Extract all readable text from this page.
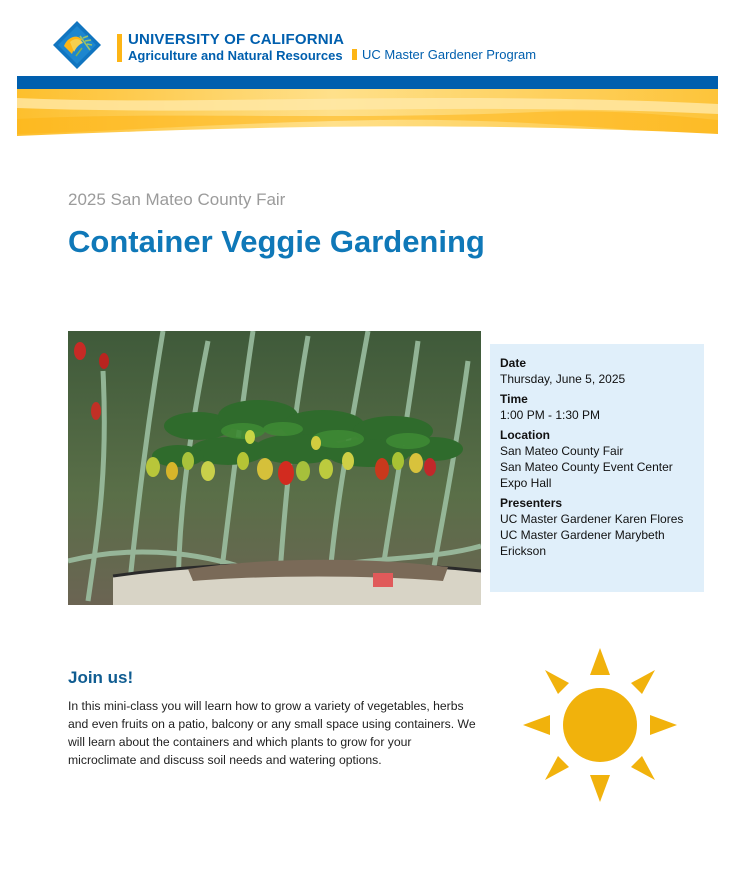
UNIVERSITY OF CALIFORNIA
Agriculture and Natural Resources UC Master Gardener Program
2025 San Mateo County Fair
Container Veggie Gardening
Date
Thursday, June 5, 2025
Time
1:00 PM - 1:30 PM
Location
San Mateo County Fair
San Mateo County Event Center
Expo Hall
Presenters
UC Master Gardener Karen Flores
UC Master Gardener Marybeth
Erickson
Join us!

In this mini-class you will learn how to grow a variety of vegetables, herbs and even fruits on a patio, balcony or any small space using containers. We will learn about the containers and which plants to grow for your microclimate and discuss soil needs and watering options.
